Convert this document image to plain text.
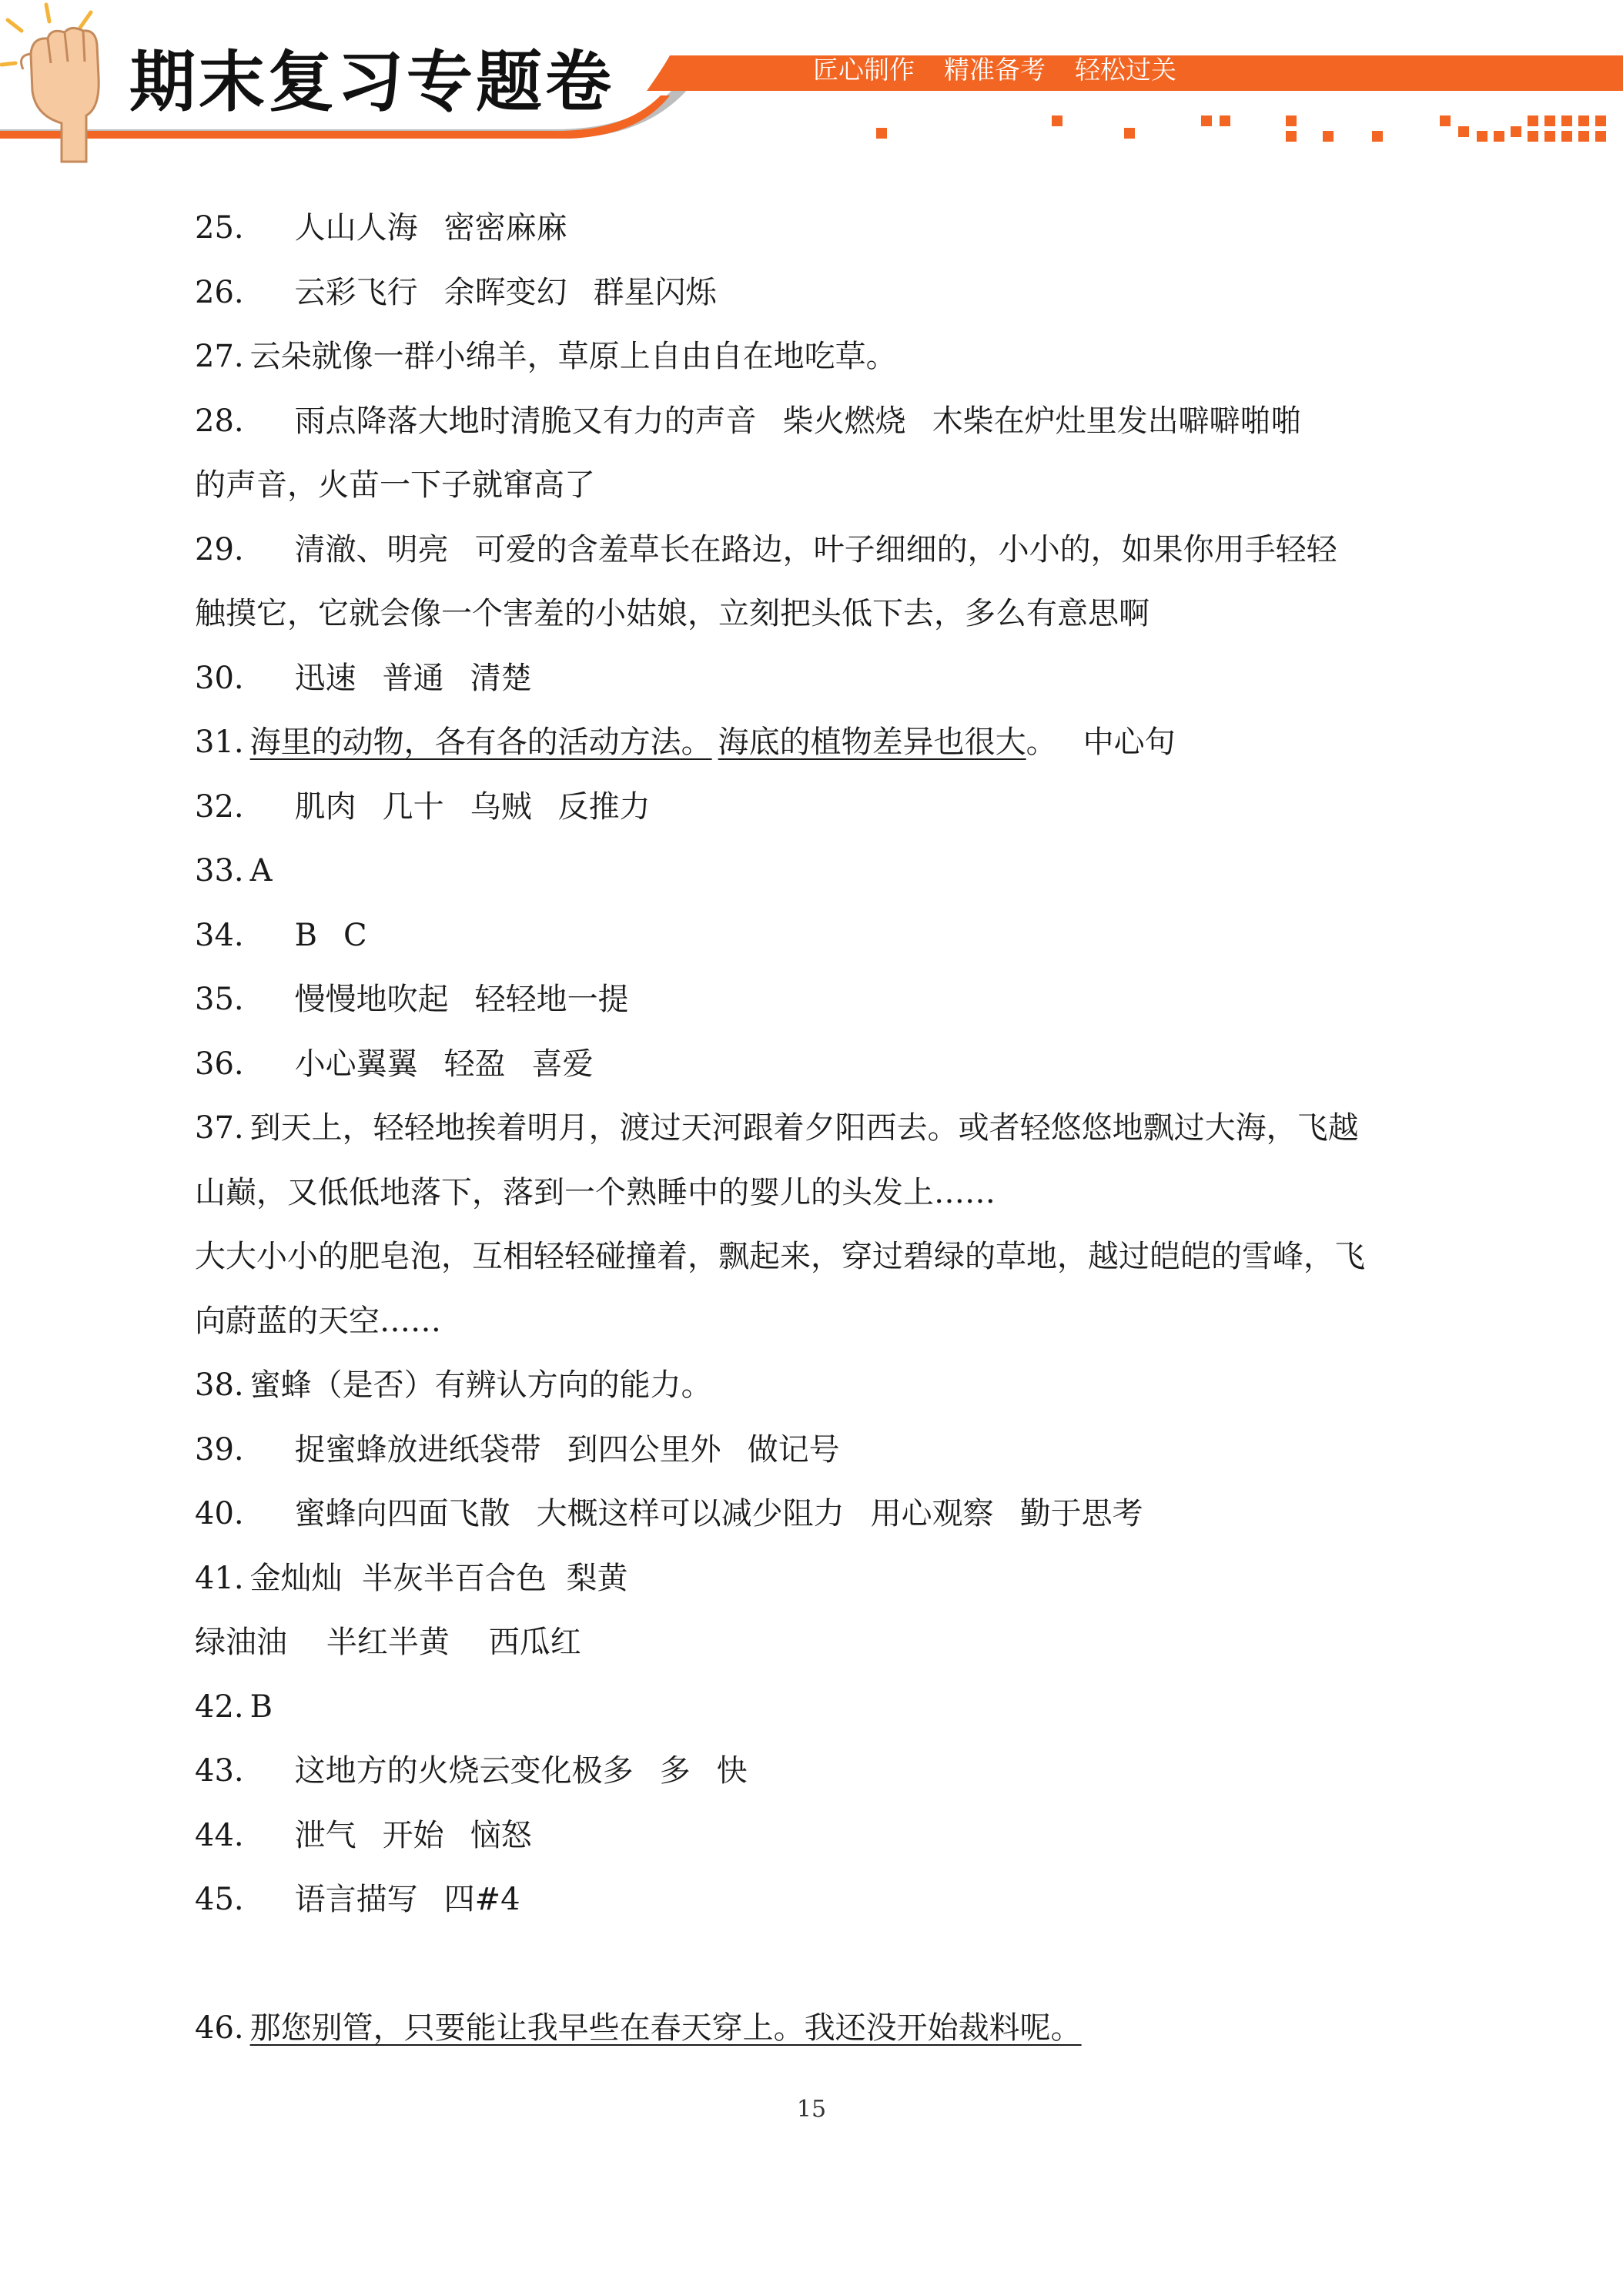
期末复习专题卷	匠心制作 精准备考 轻松过关
25. 人山人海 密密麻麻
26. 云彩飞行 余晖变幻 群星闪烁
27. 云朵就像一群小绵羊，草原上自由自在地吃草。
28. 雨点降落大地时清脆又有力的声音 柴火燃烧 木柴在炉灶里发出噼噼啪啪
的声音，火苗一下子就窜高了
29. 清澈、明亮 可爱的含羞草长在路边，叶子细细的，小小的，如果你用手轻轻
触摸它，它就会像一个害羞的小姑娘，立刻把头低下去，多么有意思啊
30. 迅速 普通 清楚
31. 海里的动物，各有各的活动方法。 海底的植物差异也很大。 中心句
32. 肌肉 几十 乌贼 反推力
33. A
34. B C
35. 慢慢地吹起 轻轻地一提
36. 小心翼翼 轻盈 喜爱
37. 到天上，轻轻地挨着明月，渡过天河跟着夕阳西去。或者轻悠悠地飘过大海，飞越
山巅，又低低地落下，落到一个熟睡中的婴儿的头发上……
大大小小的肥皂泡，互相轻轻碰撞着，飘起来，穿过碧绿的草地，越过皑皑的雪峰，飞
向蔚蓝的天空……
38. 蜜蜂（是否）有辨认方向的能力。
39. 捉蜜蜂放进纸袋带 到四公里外 做记号
40. 蜜蜂向四面飞散 大概这样可以减少阻力 用心观察 勤于思考
41. 金灿灿  半灰半百合色  梨黄
绿油油    半红半黄    西瓜红
42. B
43. 这地方的火烧云变化极多 多 快
44. 泄气 开始 恼怒
45. 语言描写 四#4
46. 那您别管，只要能让我早些在春天穿上。我还没开始裁料呢。
15
